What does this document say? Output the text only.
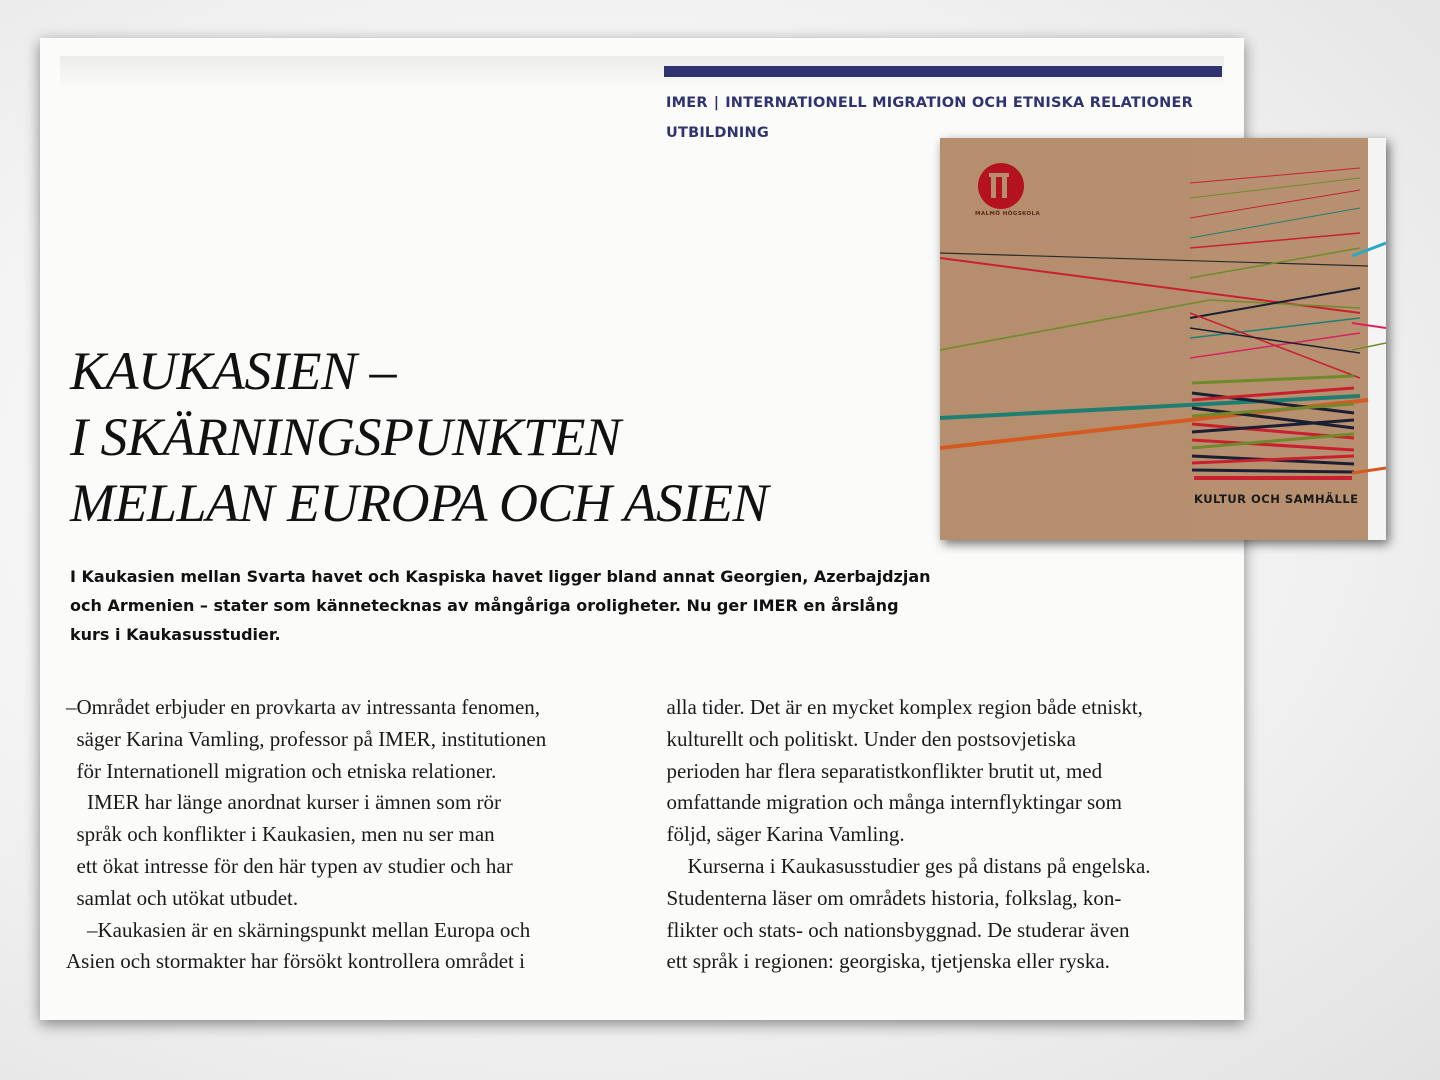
IMER | INTERNATIONELL MIGRATION OCH ETNISKA RELATIONER
UTBILDNING
KAUKASIEN –
I SKÄRNINGSPUNKTEN
MELLAN EUROPA OCH ASIEN
I Kaukasien mellan Svarta havet och Kaspiska havet ligger bland annat Georgien, Azerbajdzjan
och Armenien – stater som kännetecknas av mångåriga oroligheter. Nu ger IMER en årslång
kurs i Kaukasusstudier.
–Området erbjuder en provkarta av intressanta fenomen,
säger Karina Vamling, professor på IMER, institutionen
för Internationell migration och etniska relationer.
IMER har länge anordnat kurser i ämnen som rör
språk och konflikter i Kaukasien, men nu ser man
ett ökat intresse för den här typen av studier och har
samlat och utökat utbudet.
–Kaukasien är en skärningspunkt mellan Europa och
Asien och stormakter har försökt kontrollera området i
alla tider. Det är en mycket komplex region både etniskt,
kulturellt och politiskt. Under den postsovjetiska
perioden har flera separatistkonflikter brutit ut, med
omfattande migration och många internflyktingar som
följd, säger Karina Vamling.
Kurserna i Kaukasusstudier ges på distans på engelska.
Studenterna läser om områdets historia, folkslag, kon-
flikter och stats- och nationsbyggnad. De studerar även
ett språk i regionen: georgiska, tjetjenska eller ryska.
MALMÖ HÖGSKOLA
KULTUR OCH SAMHÄLLE
